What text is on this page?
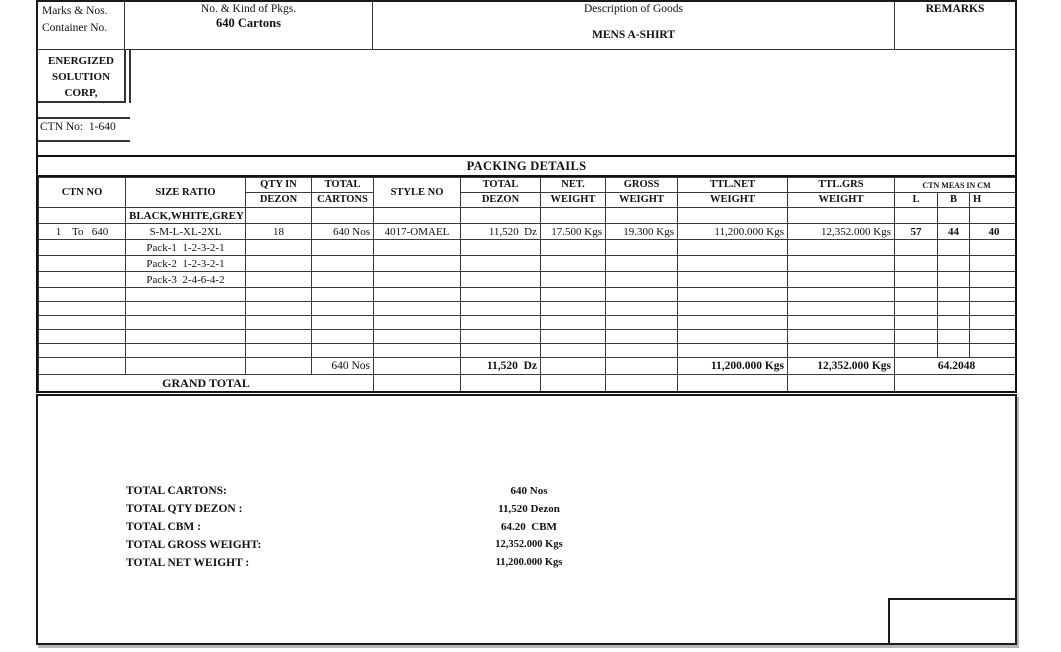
Marks & Nos.
Container No.
No. & Kind of Pkgs.
640 Cartons
Description of Goods
MENS A-SHIRT
REMARKS
ENERGIZED
SOLUTION
CORP,
CTN No:  1-640
PACKING DETAILS
CTN NO	SIZE RATIO	QTY IN	TOTAL	STYLE NO	TOTAL	NET.	GROSS	TTL.NET	TTL.GRS	CTN MEAS IN CM		
		DEZON	CARTONS		DEZON	WEIGHT	WEIGHT	WEIGHT	WEIGHT	L	B	H
	BLACK,WHITE,GREY											
1    To   640	S-M-L-XL-2XL	18	640 Nos	4017-OMAEL	11,520  Dz	17.500 Kgs	19.300 Kgs	11,200.000 Kgs	12,352.000 Kgs	57	44	40
	Pack-1  1-2-3-2-1											
	Pack-2  1-2-3-2-1											
	Pack-3  2-4-6-4-2											

			640 Nos		11,520  Dz			11,200.000 Kgs	12,352.000 Kgs	64.2048		
GRAND TOTAL												
TOTAL CARTONS:	640 Nos
TOTAL QTY DEZON :	11,520 Dezon
TOTAL CBM :	64.20  CBM
TOTAL GROSS WEIGHT:	12,352.000 Kgs
TOTAL NET WEIGHT :	11,200.000 Kgs
